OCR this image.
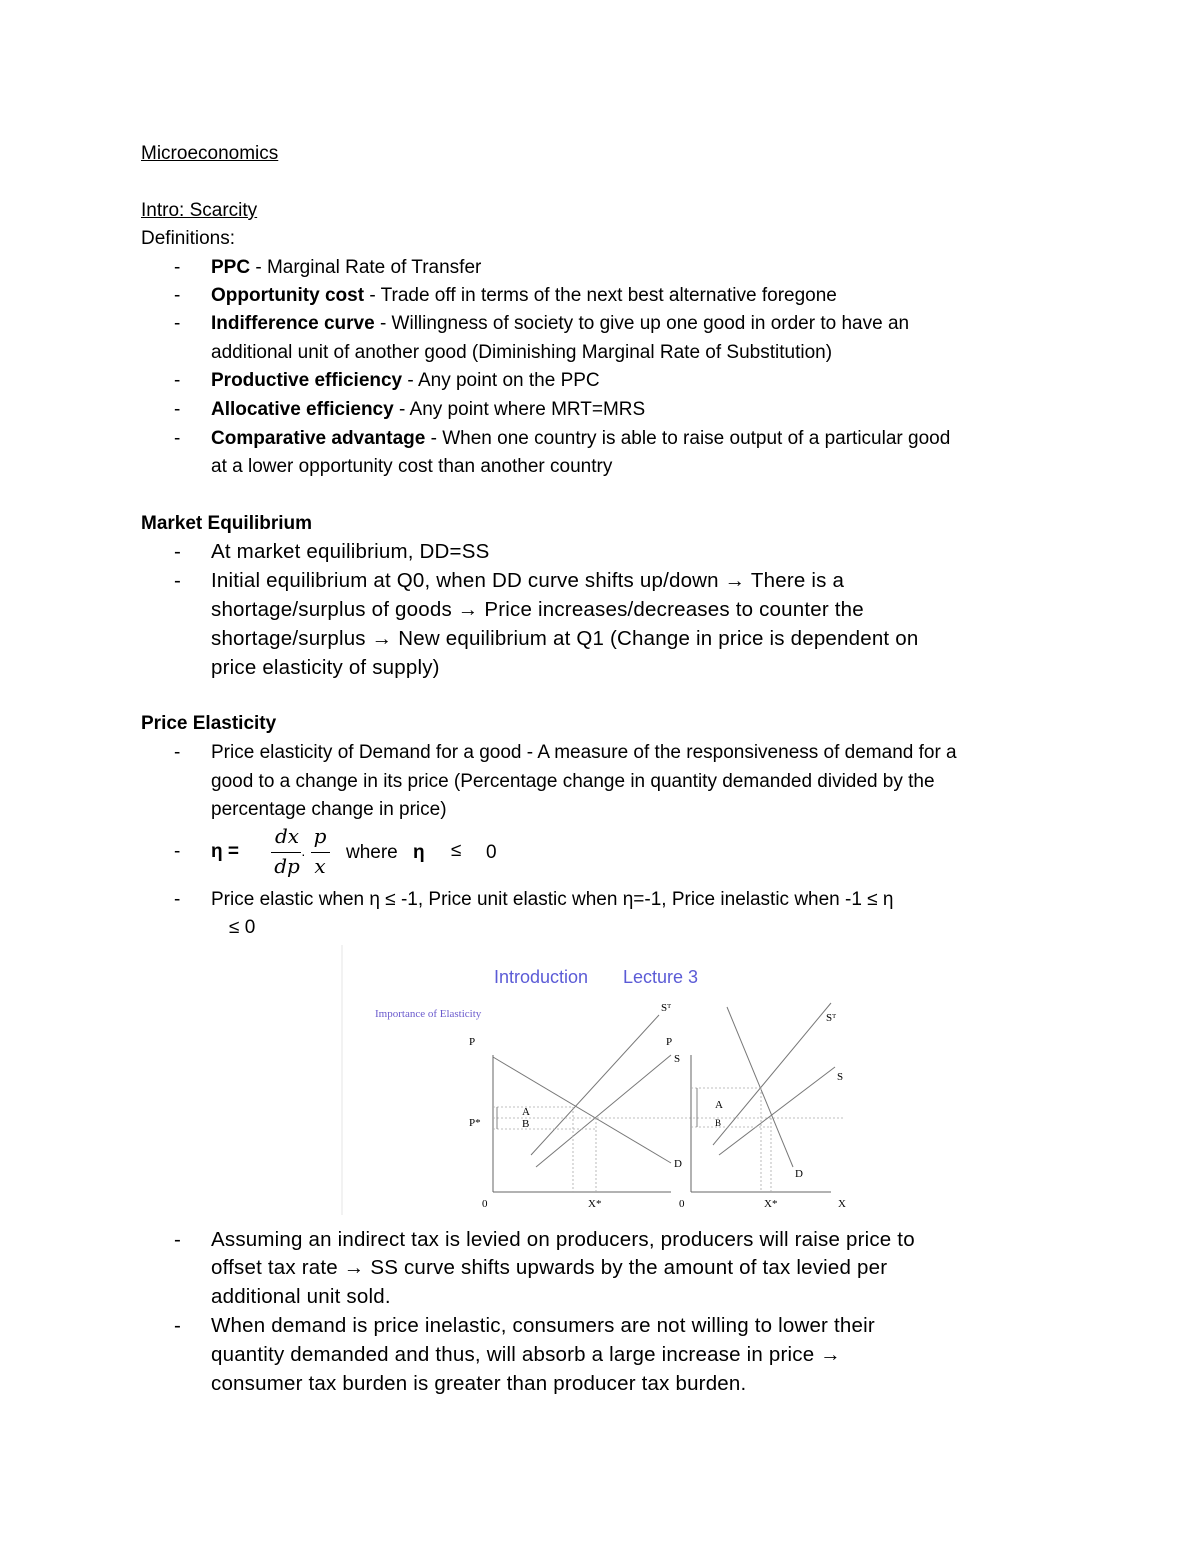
Microeconomics
Intro: Scarcity
Definitions:
- PPC - Marginal Rate of Transfer
- Opportunity cost - Trade off in terms of the next best alternative foregone
- Indifference curve - Willingness of society to give up one good in order to have an
additional unit of another good (Diminishing Marginal Rate of Substitution)
- Productive efficiency - Any point on the PPC
- Allocative efficiency - Any point where MRT=MRS
- Comparative advantage - When one country is able to raise output of a particular good
at a lower opportunity cost than another country
Market Equilibrium
- At market equilibrium, DD=SS
- Initial equilibrium at Q0, when DD curve shifts up/down → There is a
shortage/surplus of goods → Price increases/decreases to counter the
shortage/surplus → New equilibrium at Q1 (Change in price is dependent on
price elasticity of supply)
Price Elasticity
- Price elasticity of Demand for a good - A measure of the responsiveness of demand for a
good to a change in its price (Percentage change in quantity demanded divided by the
percentage change in price)
- η =
dx
dp ·
p
x
where η ≤ 0
- Price elastic when η ≤ -1, Price unit elastic when η=-1, Price inelastic when -1 ≤ η
≤ 0
Introduction Lecture 3
Importance of Elasticity
P
P*
0	X*
A
B
Sᵀ
S
D
P
0	X*	X
A
B
Sᵀ
S
D
- Assuming an indirect tax is levied on producers, producers will raise price to
offset tax rate → SS curve shifts upwards by the amount of tax levied per
additional unit sold.
- When demand is price inelastic, consumers are not willing to lower their
quantity demanded and thus, will absorb a large increase in price →
consumer tax burden is greater than producer tax burden.
